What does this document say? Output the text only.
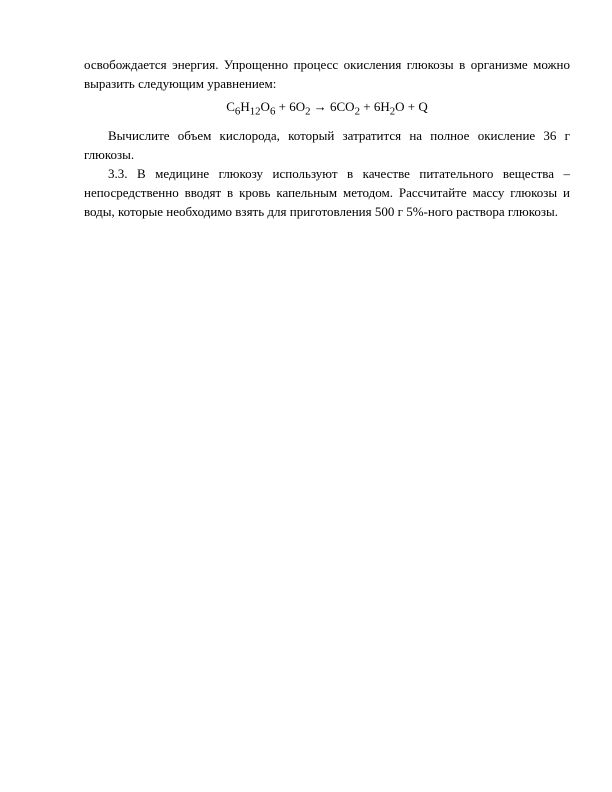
освобождается энергия. Упрощенно процесс окисления глюкозы в организме можно выразить следующим уравнением:

$C_6H_{12}O_6 + 6O_2 \to 6CO_2 + 6H_2O + Q$

Вычислите объем кислорода, который затратится на полное окисление 36 г глюкозы.

3.3. В медицине глюкозу используют в качестве питательного вещества – непосредственно вводят в кровь капельным методом. Рассчитайте массу глюкозы и воды, которые необходимо взять для приготовления 500 г 5%-ного раствора глюкозы.
